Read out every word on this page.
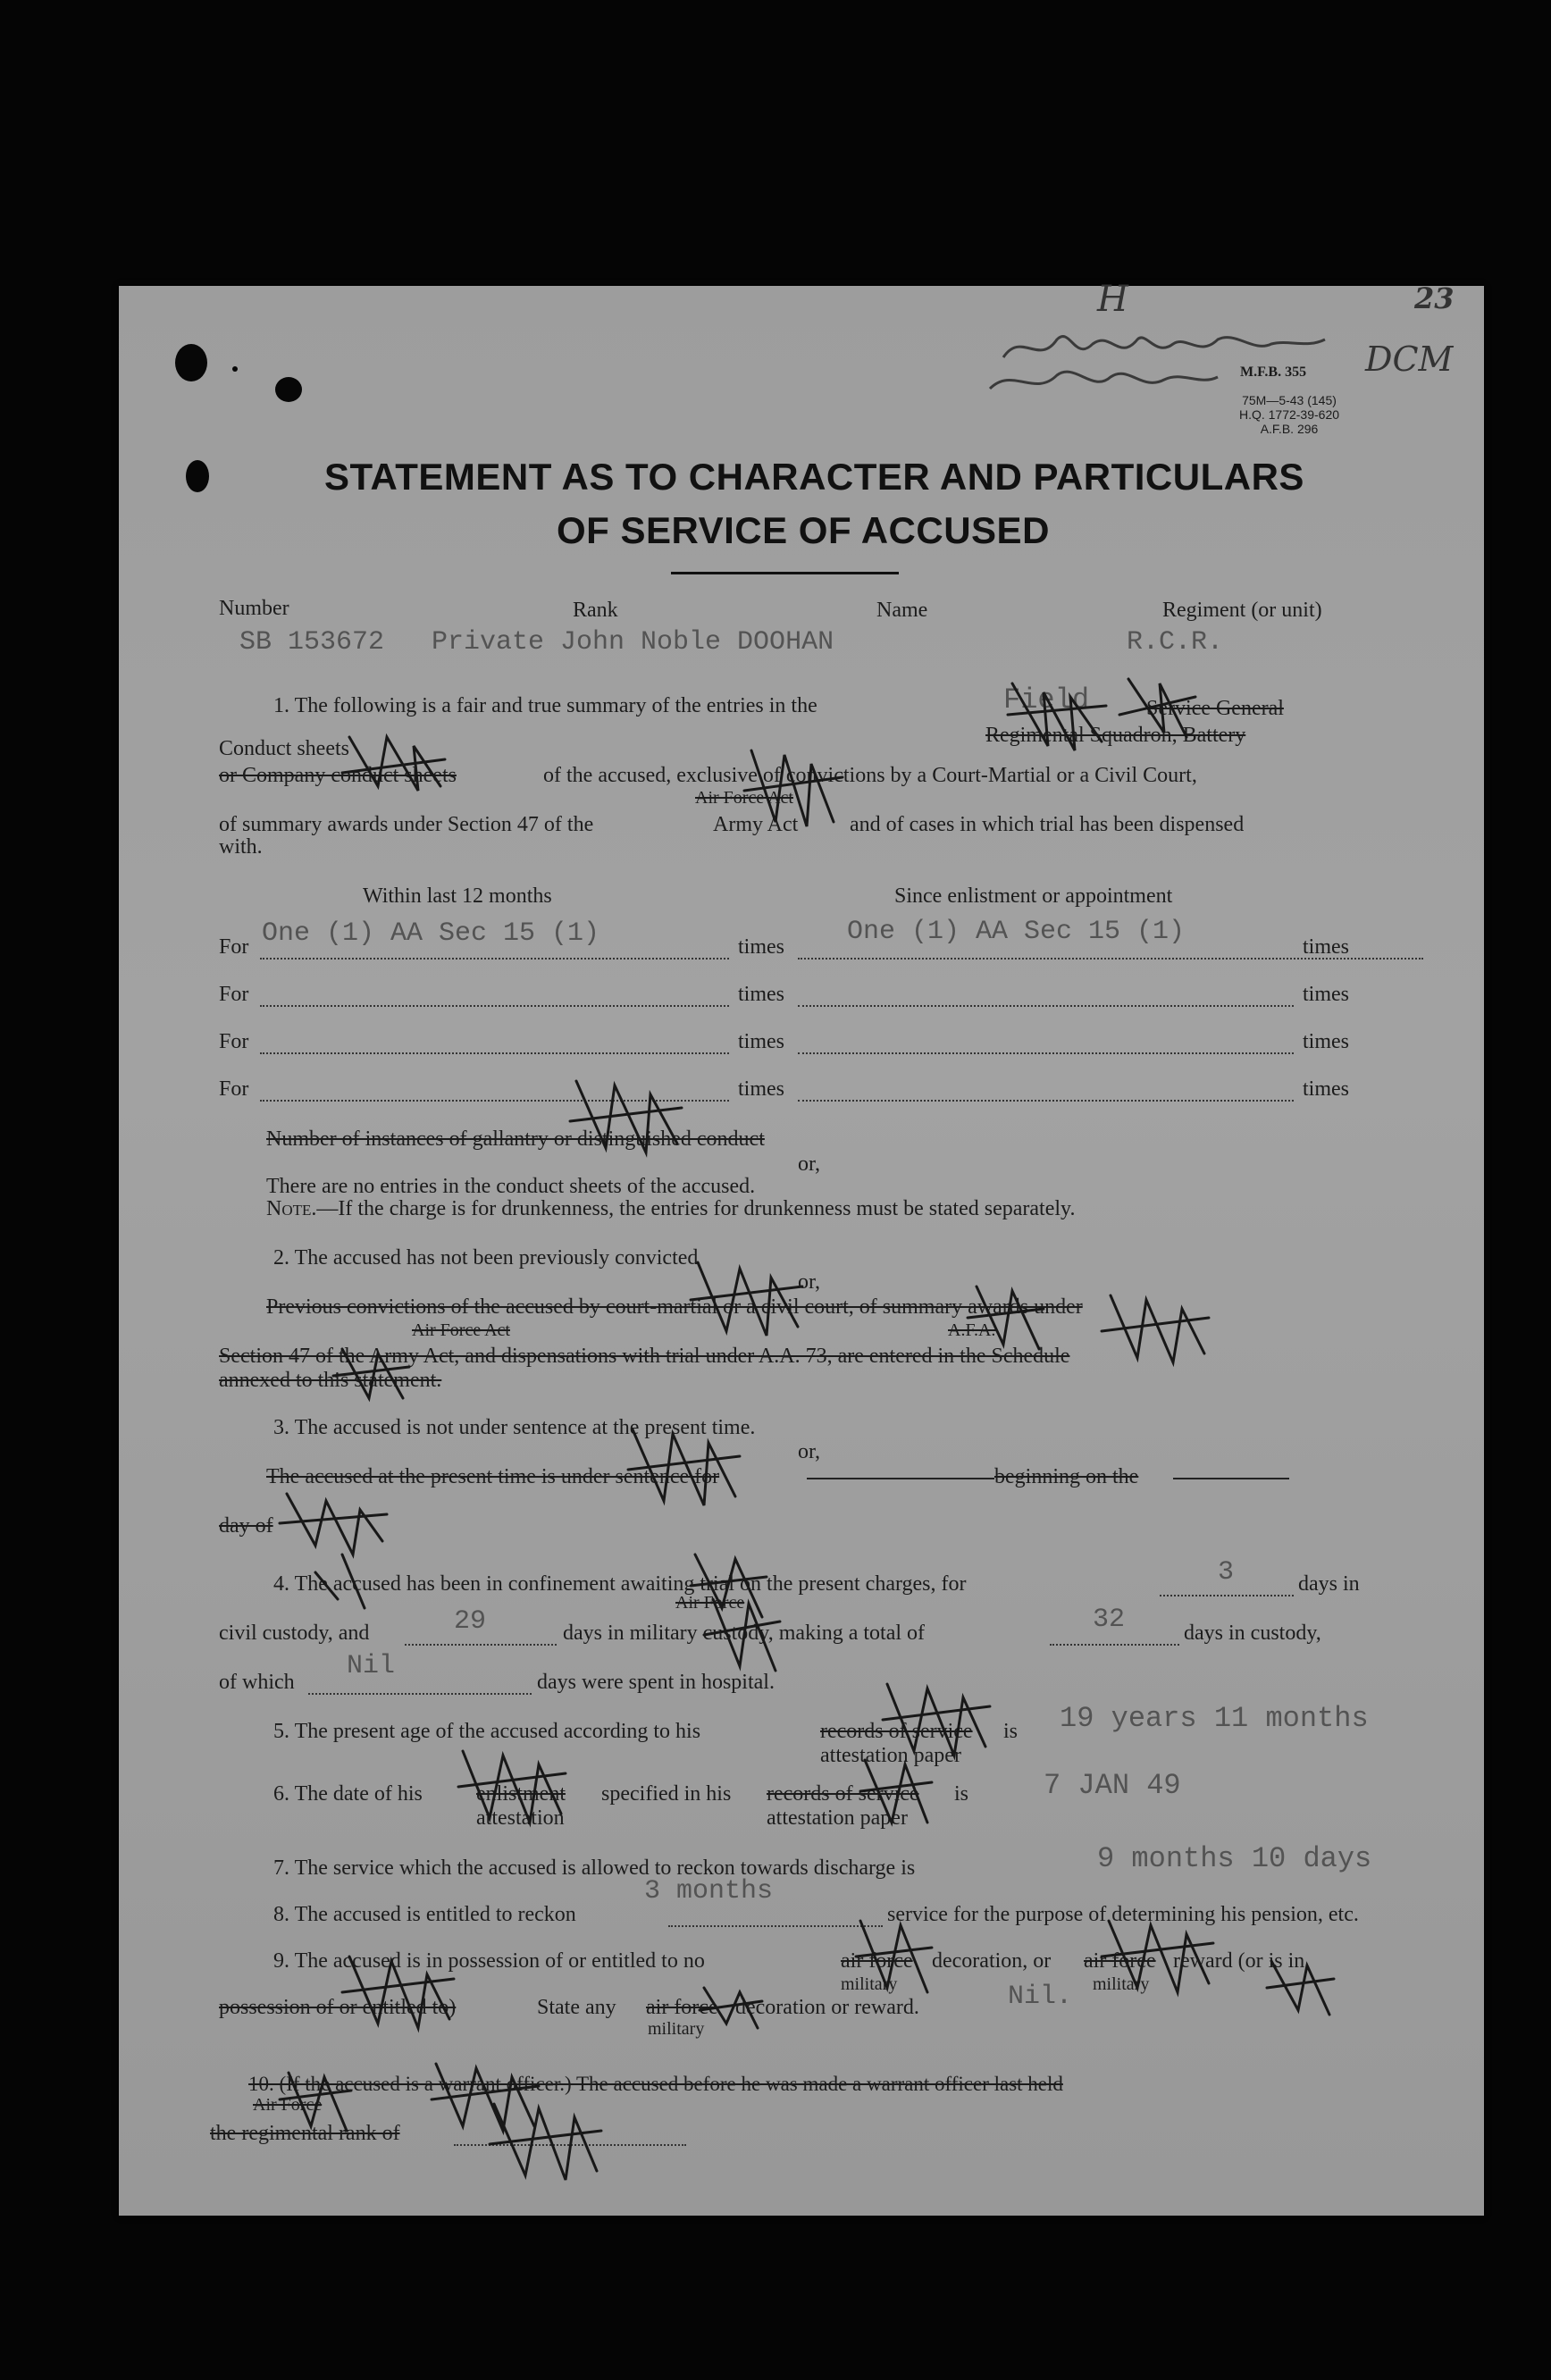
H
DCM
23
M.F.B. 355
75M—5-43 (145)
H.Q. 1772-39-620
A.F.B. 296
STATEMENT AS TO CHARACTER AND PARTICULARS
OF SERVICE OF ACCUSED
Number	Rank	Name	Regiment (or unit)
SB 153672 Private John Noble DOOHAN	R.C.R.
1. The following is a fair and true summary of the entries in the	Field	Service General
Regimental Squadron, Battery
Conduct sheets
or Company conduct sheets	of the accused, exclusive of convictions by a Court-Martial or a Civil Court,
Air Force Act
of summary awards under Section 47 of the	Army Act and of cases in which trial has been dispensed
with.
Within last 12 months	Since enlistment or appointment
For One (1) AA Sec 15 (1)	times One (1) AA Sec 15 (1)	times
For	times	times
For	times	times
For	times	times
Number of instances of gallantry or distinguished conduct
or,
There are no entries in the conduct sheets of the accused.
Note.—If the charge is for drunkenness, the entries for drunkenness must be stated separately.
2. The accused has not been previously convicted
or,
Previous convictions of the accused by court-martial or a civil court, of summary awards under
Air Force Act	A.F.A.
Section 47 of the Army Act, and dispensations with trial under A.A. 73, are entered in the Schedule
annexed to this statement.
3. The accused is not under sentence at the present time.
or,
The accused at the present time is under sentence for	beginning on the
day of
4. The accused has been in confinement awaiting trial on the present charges, for	3	days in
Air Force
civil custody, and	29	days in military custody, making a total of	32	days in custody,
of which
Nil
days were spent in hospital.
5. The present age of the accused according to his	records of service is
attestation paper
19 years 11 months
6. The date of his	enlistment
attestation
specified in his records of service is
attestation paper
7 JAN 49
7. The service which the accused is allowed to reckon towards discharge is	9 months 10 days
8. The accused is entitled to reckon
3 months
service for the purpose of determining his pension, etc.
9. The accused is in possession of or entitled to no	air force decoration, or air force reward (or is in
military	military
possession of or entitled to)	State any air force decoration or reward.
military
Nil.
10. (If the accused is a warrant officer.) The accused before he was made a warrant officer last held
Air Force
the regimental rank of
